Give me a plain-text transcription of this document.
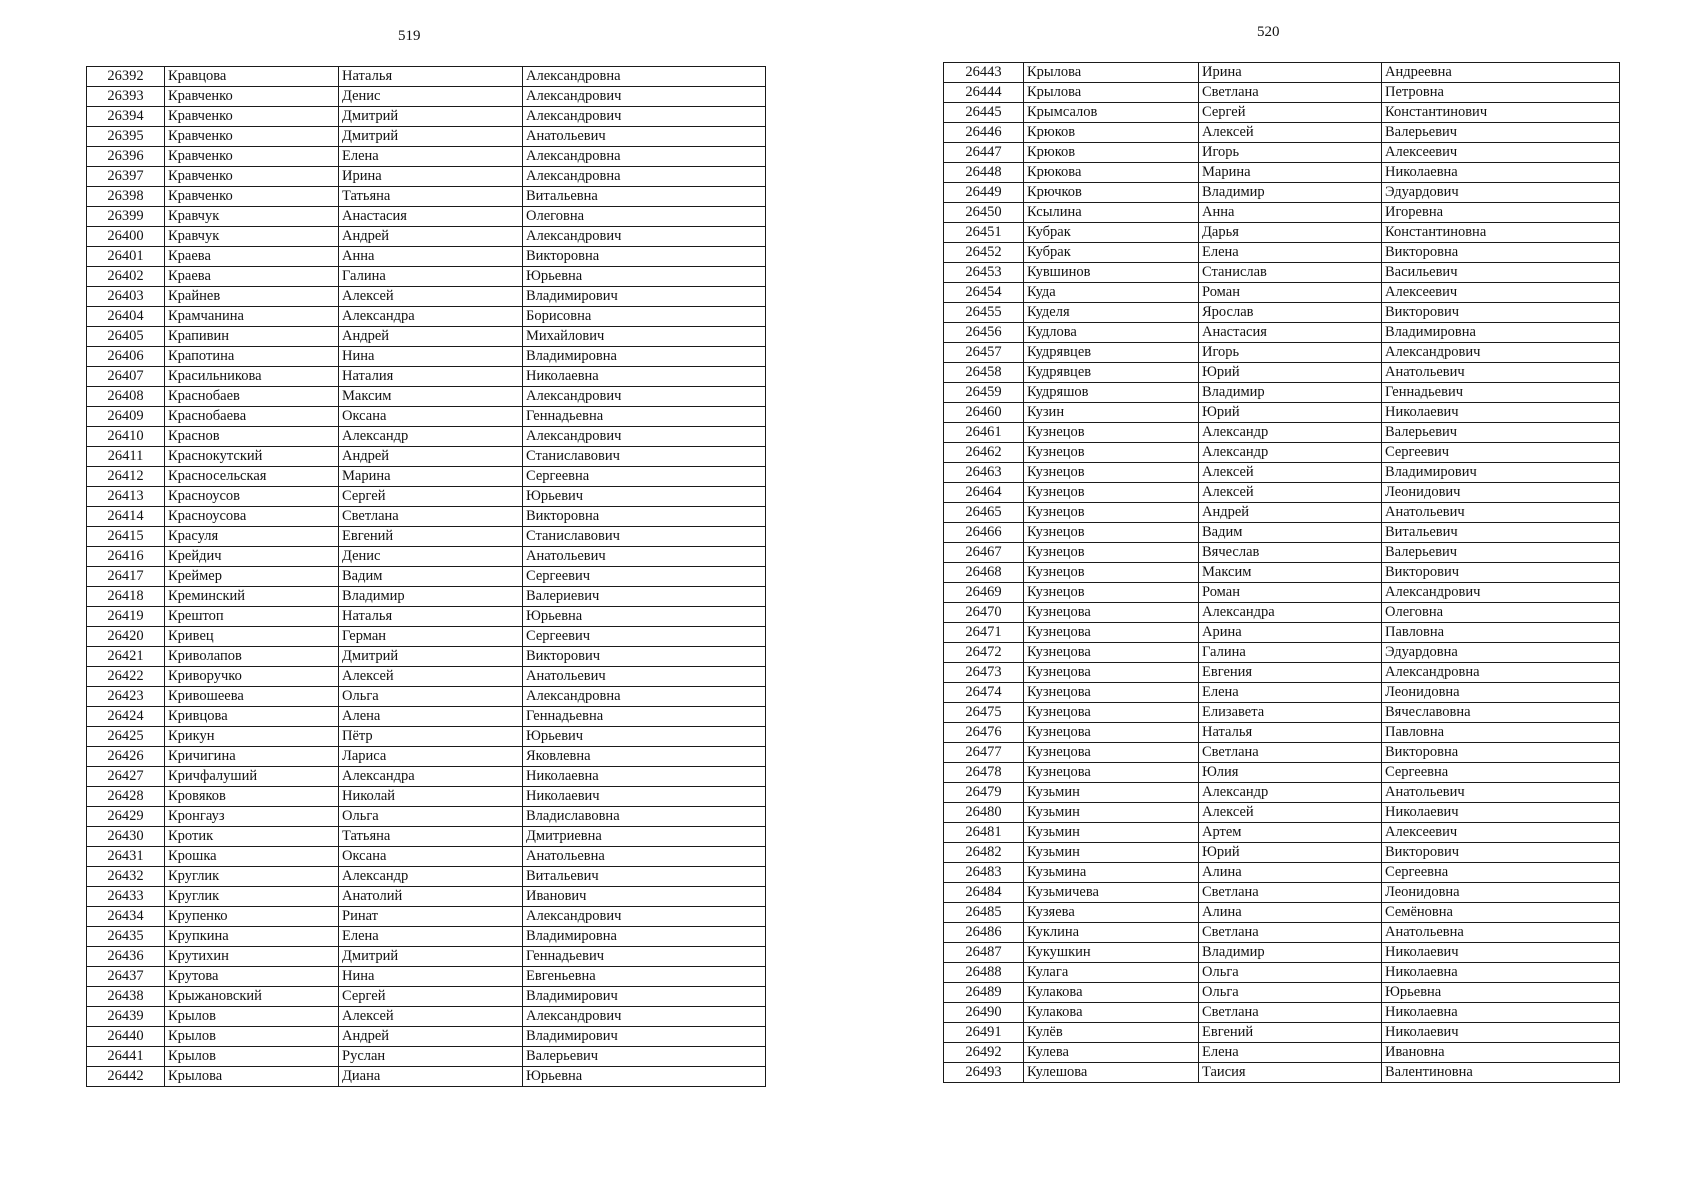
519
26392	Кравцова	Наталья	Александровна
26393	Кравченко	Денис	Александрович
26394	Кравченко	Дмитрий	Александрович
26395	Кравченко	Дмитрий	Анатольевич
26396	Кравченко	Елена	Александровна
26397	Кравченко	Ирина	Александровна
26398	Кравченко	Татьяна	Витальевна
26399	Кравчук	Анастасия	Олеговна
26400	Кравчук	Андрей	Александрович
26401	Краева	Анна	Викторовна
26402	Краева	Галина	Юрьевна
26403	Крайнев	Алексей	Владимирович
26404	Крамчанина	Александра	Борисовна
26405	Крапивин	Андрей	Михайлович
26406	Крапотина	Нина	Владимировна
26407	Красильникова	Наталия	Николаевна
26408	Краснобаев	Максим	Александрович
26409	Краснобаева	Оксана	Геннадьевна
26410	Краснов	Александр	Александрович
26411	Краснокутский	Андрей	Станиславович
26412	Красносельская	Марина	Сергеевна
26413	Красноусов	Сергей	Юрьевич
26414	Красноусова	Светлана	Викторовна
26415	Красуля	Евгений	Станиславович
26416	Крейдич	Денис	Анатольевич
26417	Креймер	Вадим	Сергеевич
26418	Креминский	Владимир	Валериевич
26419	Крештоп	Наталья	Юрьевна
26420	Кривец	Герман	Сергеевич
26421	Криволапов	Дмитрий	Викторович
26422	Криворучко	Алексей	Анатольевич
26423	Кривошеева	Ольга	Александровна
26424	Кривцова	Алена	Геннадьевна
26425	Крикун	Пётр	Юрьевич
26426	Кричигина	Лариса	Яковлевна
26427	Кричфалуший	Александра	Николаевна
26428	Кровяков	Николай	Николаевич
26429	Кронгауз	Ольга	Владиславовна
26430	Кротик	Татьяна	Дмитриевна
26431	Крошка	Оксана	Анатольевна
26432	Круглик	Александр	Витальевич
26433	Круглик	Анатолий	Иванович
26434	Крупенко	Ринат	Александрович
26435	Крупкина	Елена	Владимировна
26436	Крутихин	Дмитрий	Геннадьевич
26437	Крутова	Нина	Евгеньевна
26438	Крыжановский	Сергей	Владимирович
26439	Крылов	Алексей	Александрович
26440	Крылов	Андрей	Владимирович
26441	Крылов	Руслан	Валерьевич
26442	Крылова	Диана	Юрьевна
520
26443	Крылова	Ирина	Андреевна
26444	Крылова	Светлана	Петровна
26445	Крымсалов	Сергей	Константинович
26446	Крюков	Алексей	Валерьевич
26447	Крюков	Игорь	Алексеевич
26448	Крюкова	Марина	Николаевна
26449	Крючков	Владимир	Эдуардович
26450	Ксылина	Анна	Игоревна
26451	Кубрак	Дарья	Константиновна
26452	Кубрак	Елена	Викторовна
26453	Кувшинов	Станислав	Васильевич
26454	Куда	Роман	Алексеевич
26455	Куделя	Ярослав	Викторович
26456	Кудлова	Анастасия	Владимировна
26457	Кудрявцев	Игорь	Александрович
26458	Кудрявцев	Юрий	Анатольевич
26459	Кудряшов	Владимир	Геннадьевич
26460	Кузин	Юрий	Николаевич
26461	Кузнецов	Александр	Валерьевич
26462	Кузнецов	Александр	Сергеевич
26463	Кузнецов	Алексей	Владимирович
26464	Кузнецов	Алексей	Леонидович
26465	Кузнецов	Андрей	Анатольевич
26466	Кузнецов	Вадим	Витальевич
26467	Кузнецов	Вячеслав	Валерьевич
26468	Кузнецов	Максим	Викторович
26469	Кузнецов	Роман	Александрович
26470	Кузнецова	Александра	Олеговна
26471	Кузнецова	Арина	Павловна
26472	Кузнецова	Галина	Эдуардовна
26473	Кузнецова	Евгения	Александровна
26474	Кузнецова	Елена	Леонидовна
26475	Кузнецова	Елизавета	Вячеславовна
26476	Кузнецова	Наталья	Павловна
26477	Кузнецова	Светлана	Викторовна
26478	Кузнецова	Юлия	Сергеевна
26479	Кузьмин	Александр	Анатольевич
26480	Кузьмин	Алексей	Николаевич
26481	Кузьмин	Артем	Алексеевич
26482	Кузьмин	Юрий	Викторович
26483	Кузьмина	Алина	Сергеевна
26484	Кузьмичева	Светлана	Леонидовна
26485	Кузяева	Алина	Семёновна
26486	Куклина	Светлана	Анатольевна
26487	Кукушкин	Владимир	Николаевич
26488	Кулага	Ольга	Николаевна
26489	Кулакова	Ольга	Юрьевна
26490	Кулакова	Светлана	Николаевна
26491	Кулёв	Евгений	Николаевич
26492	Кулева	Елена	Ивановна
26493	Кулешова	Таисия	Валентиновна
